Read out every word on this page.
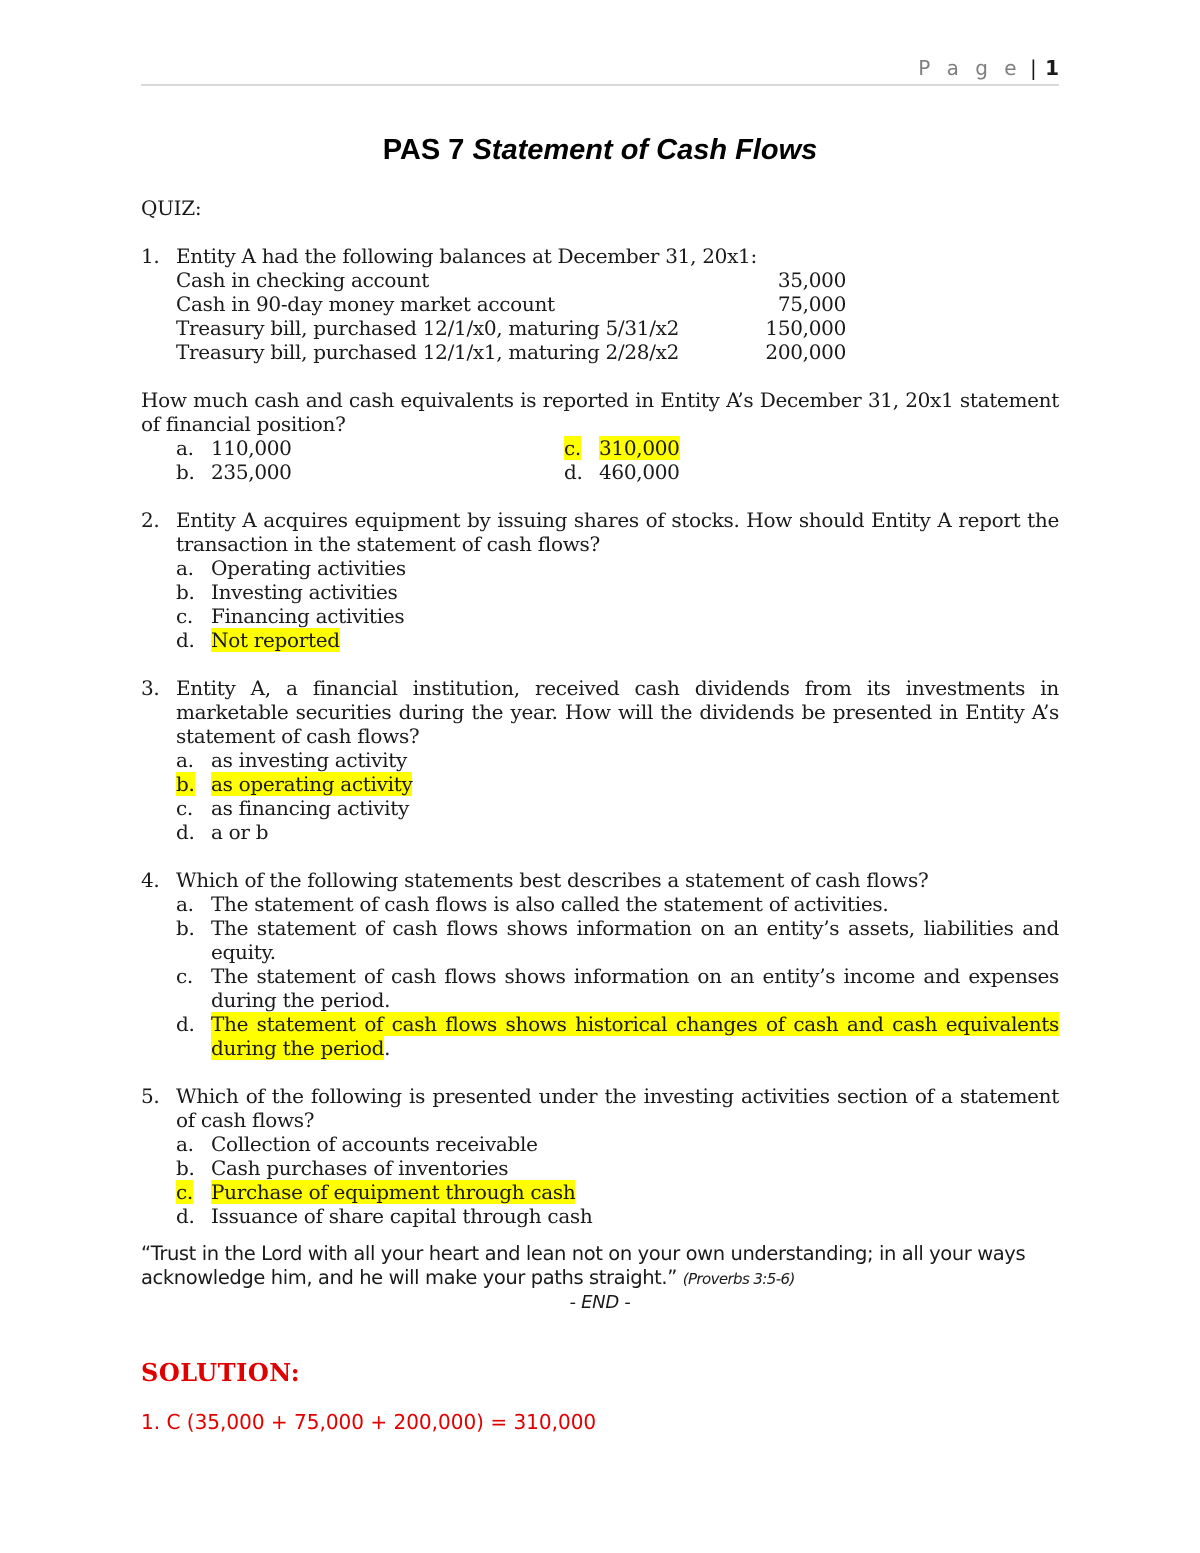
P a g e | 1
PAS 7 Statement of Cash Flows
QUIZ:
1. Entity A had the following balances at December 31, 20x1:
Cash in checking account	35,000
Cash in 90-day money market account	75,000
Treasury bill, purchased 12/1/x0, maturing 5/31/x2	150,000
Treasury bill, purchased 12/1/x1, maturing 2/28/x2	200,000
How much cash and cash equivalents is reported in Entity A’s December 31, 20x1 statement of financial position?
a. 110,000	c. 310,000
b. 235,000	d. 460,000
2. Entity A acquires equipment by issuing shares of stocks. How should Entity A report the transaction in the statement of cash flows?
a. Operating activities
b. Investing activities
c. Financing activities
d. Not reported
3. Entity A, a financial institution, received cash dividends from its investments in marketable securities during the year. How will the dividends be presented in Entity A’s statement of cash flows?
a. as investing activity
b. as operating activity
c. as financing activity
d. a or b
4. Which of the following statements best describes a statement of cash flows?
a. The statement of cash flows is also called the statement of activities.
b. The statement of cash flows shows information on an entity’s assets, liabilities and equity.
c. The statement of cash flows shows information on an entity’s income and expenses during the period.
d. The statement of cash flows shows historical changes of cash and cash equivalents during the period.
5. Which of the following is presented under the investing activities section of a statement of cash flows?
a. Collection of accounts receivable
b. Cash purchases of inventories
c. Purchase of equipment through cash
d. Issuance of share capital through cash
“Trust in the Lord with all your heart and lean not on your own understanding; in all your ways acknowledge him, and he will make your paths straight.” (Proverbs 3:5-6)
- END -
SOLUTION:
1. C (35,000 + 75,000 + 200,000) = 310,000
